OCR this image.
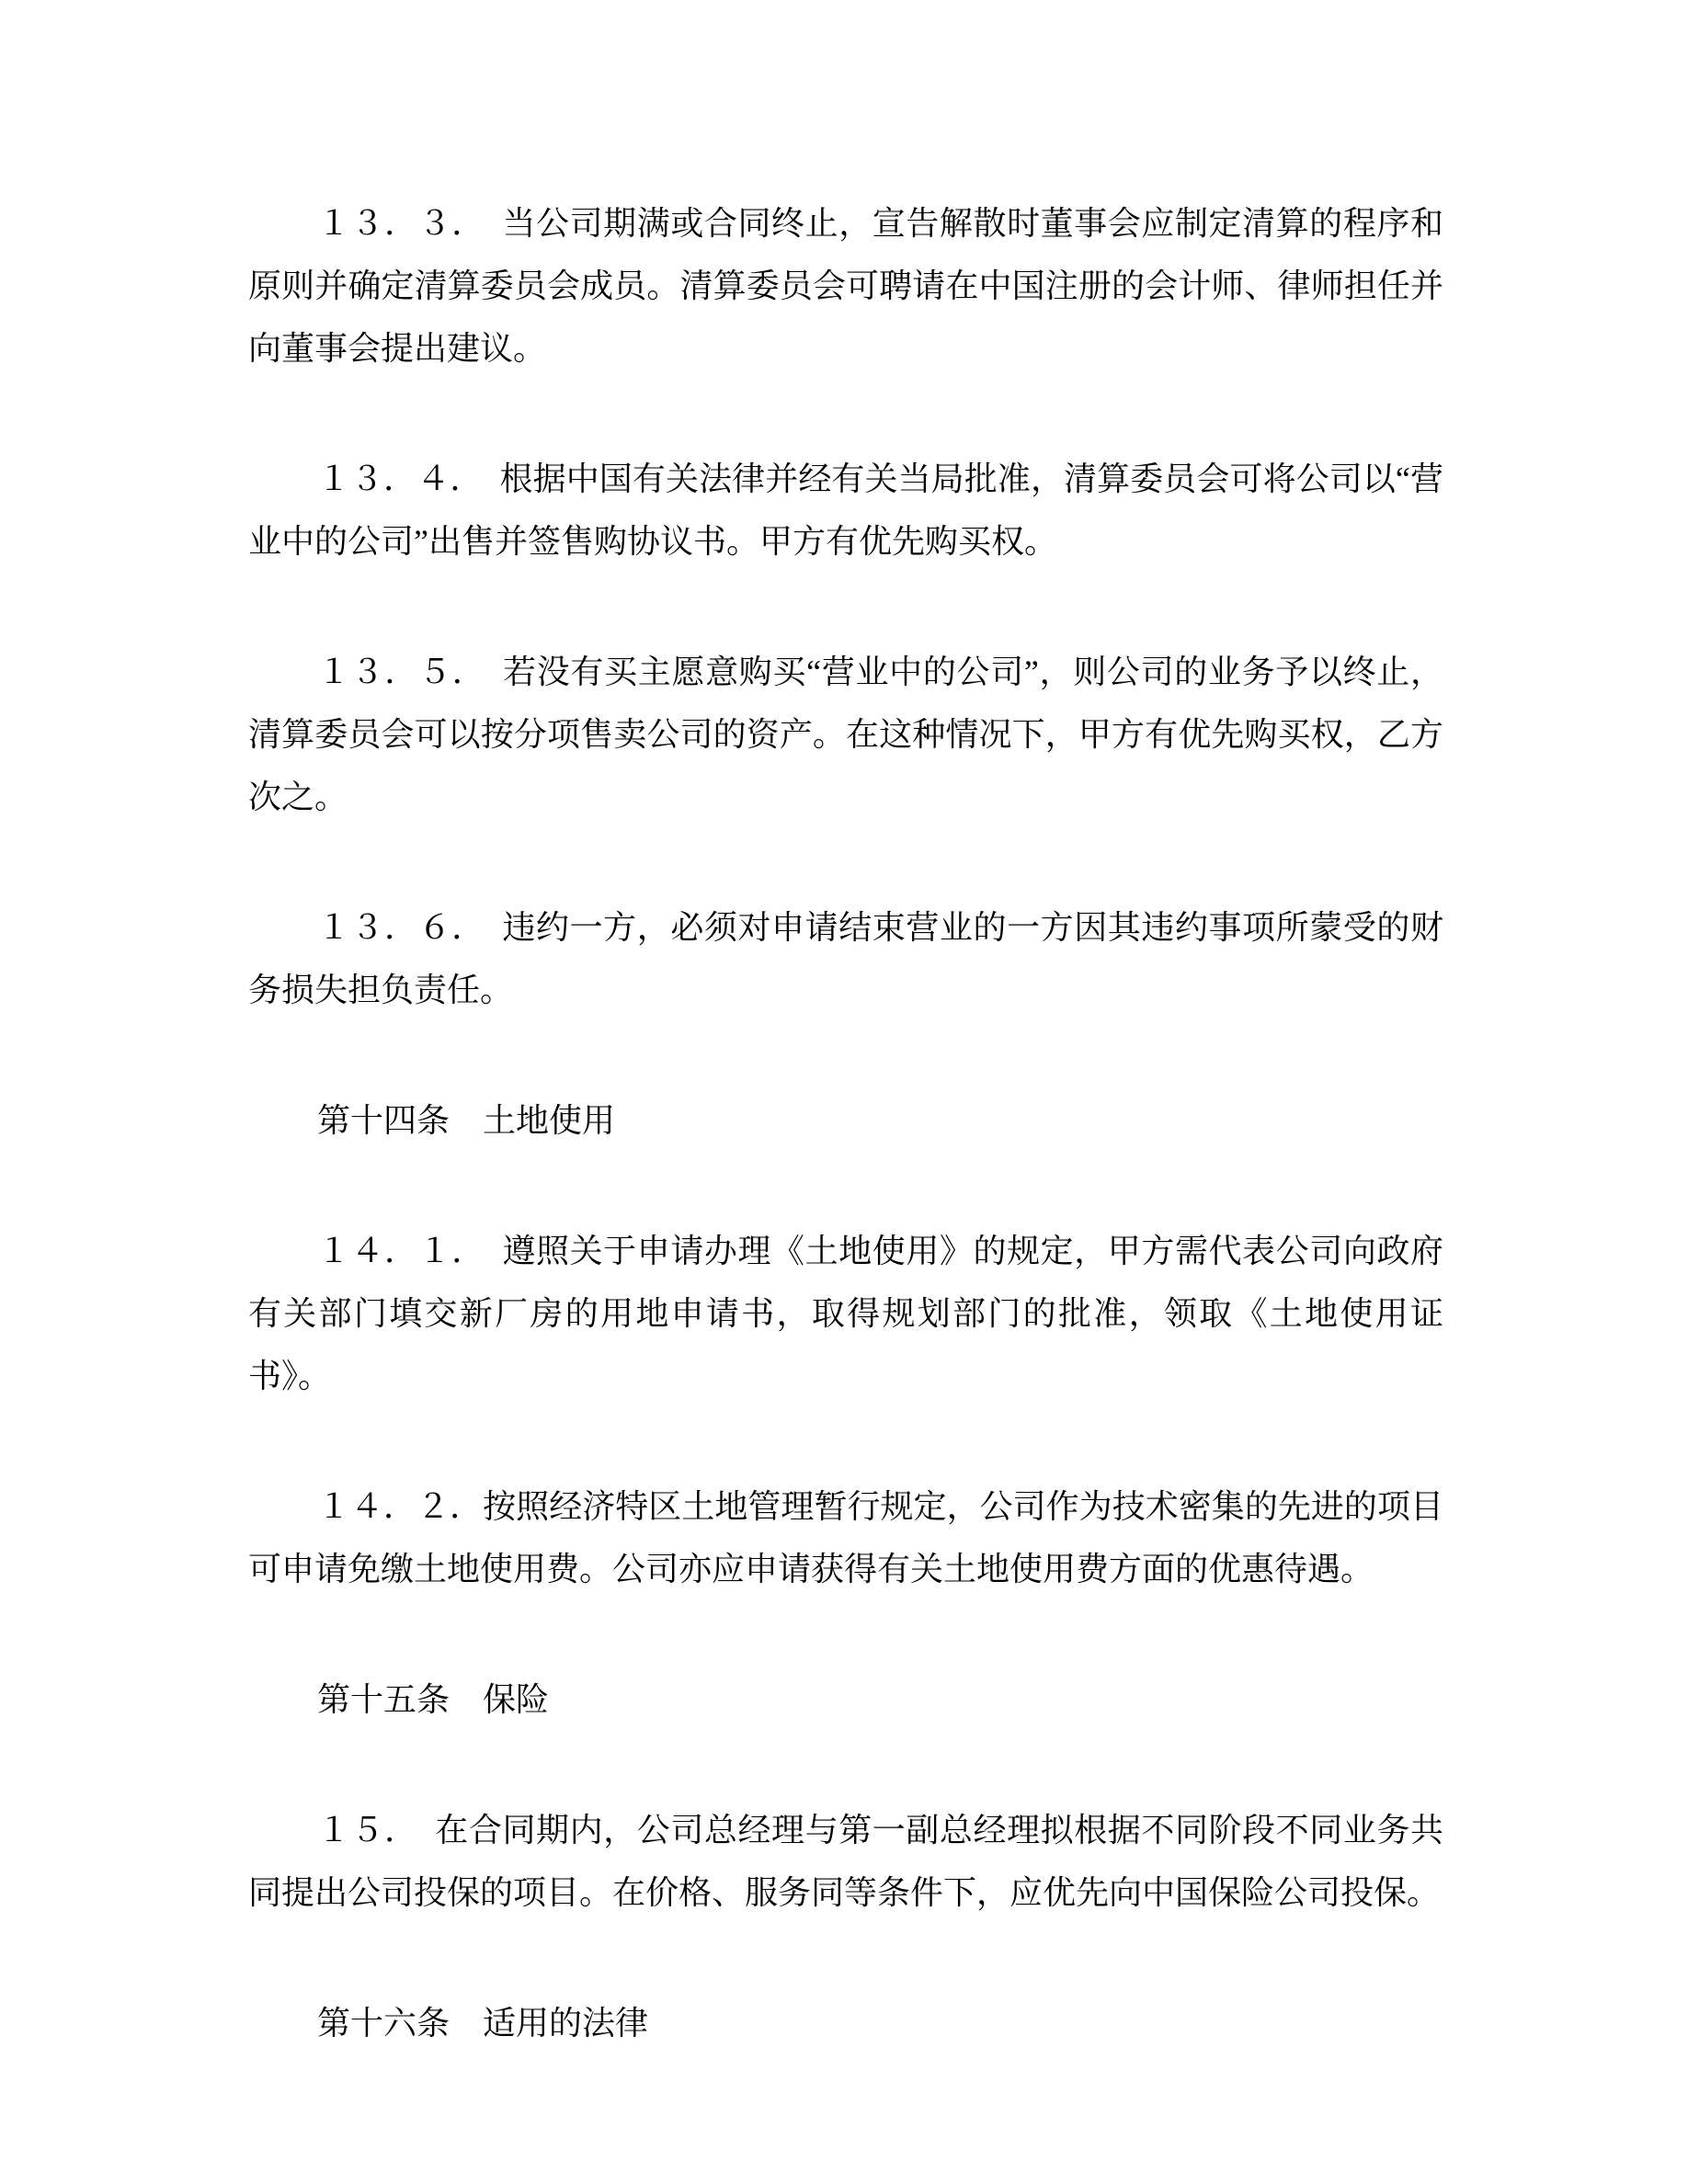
１３．３．　当公司期满或合同终止，宣告解散时董事会应制定清算的程序和原则并确定清算委员会成员。清算委员会可聘请在中国注册的会计师、律师担任并向董事会提出建议。

１３．４．　根据中国有关法律并经有关当局批准，清算委员会可将公司以“营业中的公司”出售并签售购协议书。甲方有优先购买权。

１３．５．　若没有买主愿意购买“营业中的公司”，则公司的业务予以终止，清算委员会可以按分项售卖公司的资产。在这种情况下，甲方有优先购买权，乙方次之。

１３．６．　违约一方，必须对申请结束营业的一方因其违约事项所蒙受的财务损失担负责任。

第十四条　土地使用

１４．１．　遵照关于申请办理《土地使用》的规定，甲方需代表公司向政府有关部门填交新厂房的用地申请书，取得规划部门的批准，领取《土地使用证书》。

１４．２．按照经济特区土地管理暂行规定，公司作为技术密集的先进的项目可申请免缴土地使用费。公司亦应申请获得有关土地使用费方面的优惠待遇。

第十五条　保险

１５．　在合同期内，公司总经理与第一副总经理拟根据不同阶段不同业务共同提出公司投保的项目。在价格、服务同等条件下，应优先向中国保险公司投保。

第十六条　适用的法律
